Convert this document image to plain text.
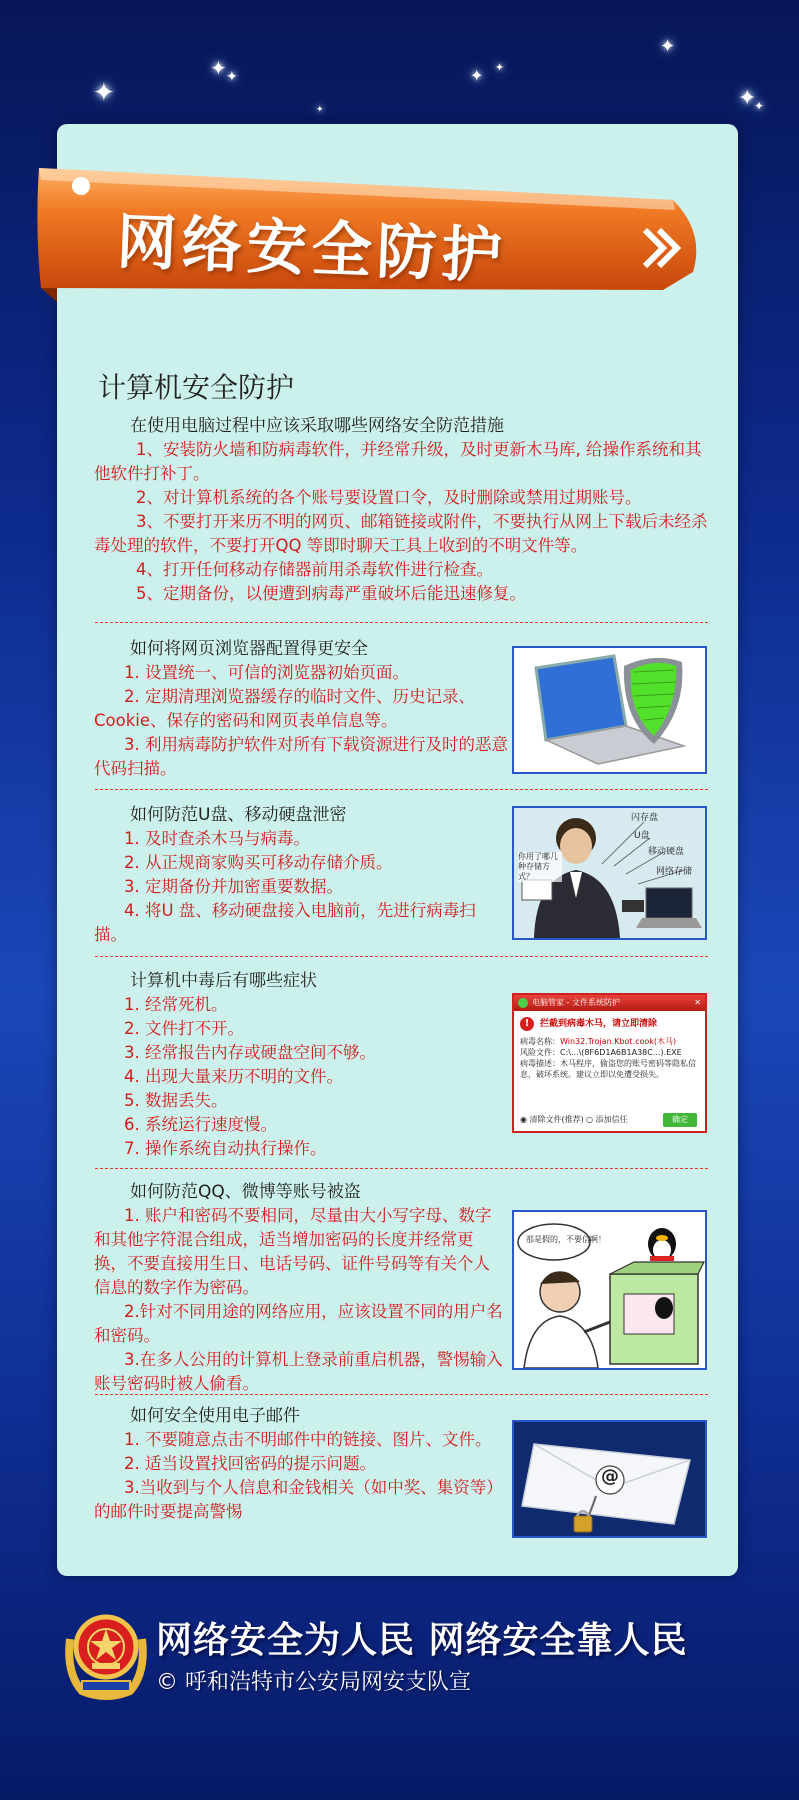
✦
✦ ✦	✦ ✦
✦
✦
✦
✦
网络安全防护
计算机安全防护
在使用电脑过程中应该采取哪些网络安全防范措施

1、安装防火墙和防病毒软件，并经常升级，及时更新木马库, 给操作系统和其他软件打补丁。

2、对计算机系统的各个账号要设置口令，及时删除或禁用过期账号。

3、不要打开来历不明的网页、邮箱链接或附件，不要执行从网上下载后未经杀毒处理的软件，不要打开QQ 等即时聊天工具上收到的不明文件等。

4、打开任何移动存储器前用杀毒软件进行检查。

5、定期备份，以便遭到病毒严重破坏后能迅速修复。

如何将网页浏览器配置得更安全

1. 设置统一、可信的浏览器初始页面。

2. 定期清理浏览器缓存的临时文件、历史记录、Cookie、保存的密码和网页表单信息等。

3. 利用病毒防护软件对所有下载资源进行及时的恶意代码扫描。

如何防范U盘、移动硬盘泄密

1. 及时查杀木马与病毒。

2. 从正规商家购买可移动存储介质。

3. 定期备份并加密重要数据。

4. 将U 盘、移动硬盘接入电脑前，先进行病毒扫描。

闪存盘
U盘
移动硬盘
网络存储
你用了哪几种存储方式？
计算机中毒后有哪些症状

1. 经常死机。

2. 文件打不开。

3. 经常报告内存或硬盘空间不够。

4. 出现大量来历不明的文件。

5. 数据丢失。

6. 系统运行速度慢。

7. 操作系统自动执行操作。

电脑管家 - 文件系统防护	✕
!	拦截到病毒木马，请立即清除
病毒名称：Win32.Trojan.Kbot.cook(木马)
风险文件：C:\...\(8F6D1A6B1A38C...).EXE
病毒描述：木马程序，偷盗您的账号密码等隐私信息，破坏系统。建议立即以免遭受损失。
◉ 清除文件(推荐) ○ 添加信任	确定
如何防范QQ、微博等账号被盗

1. 账户和密码不要相同，尽量由大小写字母、数字和其他字符混合组成，适当增加密码的长度并经常更换，不要直接用生日、电话号码、证件号码等有关个人信息的数字作为密码。

2.针对不同用途的网络应用，应该设置不同的用户名和密码。

3.在多人公用的计算机上登录前重启机器，警惕输入账号密码时被人偷看。

那是假的，不要信啊！
如何安全使用电子邮件

1. 不要随意点击不明邮件中的链接、图片、文件。

2. 适当设置找回密码的提示问题。

3.当收到与个人信息和金钱相关（如中奖、集资等）的邮件时要提高警惕

@
网络安全为人民 网络安全靠人民
© 呼和浩特市公安局网安支队宣
